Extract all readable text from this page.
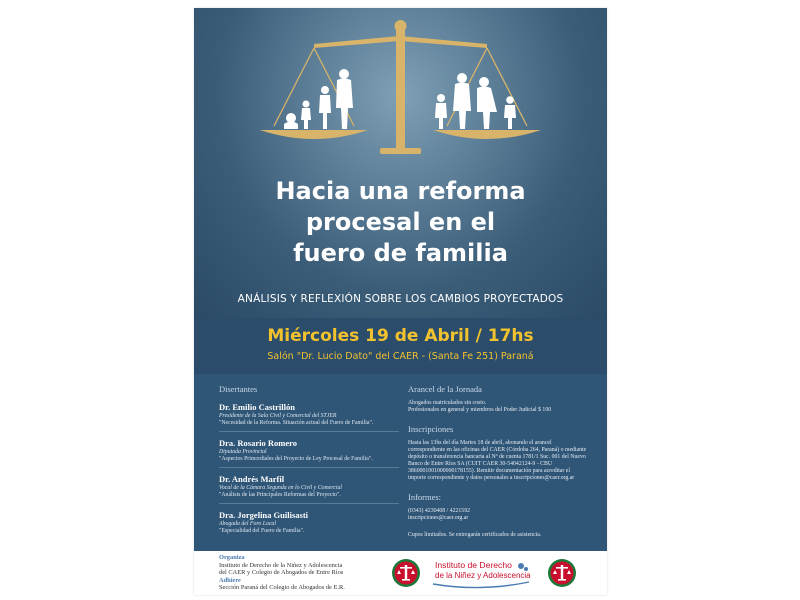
Hacia una reforma
procesal en el
fuero de familia
ANÁLISIS Y REFLEXIÓN SOBRE LOS CAMBIOS PROYECTADOS
Miércoles 19 de Abril / 17hs
Salón "Dr. Lucio Dato" del CAER - (Santa Fe 251) Paraná
Disertantes
Dr. Emilio Castrillón
Presidente de la Sala Civil y Comercial del STJER
"Necesidad de la Reforma. Situación actual del Fuero de Familia".
Dra. Rosario Romero
Diputada Provincial
"Aspectos Primordiales del Proyecto de Ley Procesal de Familia".
Dr. Andrés Marfil
Vocal de la Cámara Segunda en lo Civil y Comercial
"Análisis de las Principales Reformas del Proyecto".
Dra. Jorgelina Guilisasti
Abogada del Foro Local
"Especialidad del Fuero de Familia".
Arancel de la Jornada
Abogados matriculados sin costo.
Profesionales en general y miembros del Poder Judicial $ 100
Inscripciones
Hasta las 13hs del día Martes 18 de abril, abonando el arancel correspondiente en las oficinas del CAER (Córdoba 264, Paraná) o mediante depósito o transferencia bancaria al Nº de cuenta 1781/1 Suc. 001 del Nuevo Banco de Entre Ríos SA (CUIT CAER 30-54042124-9 - CBU 3860001001000000178155). Remitir documentación para acreditar el importe correspondiente y datos personales a inscripciones@caer.org.ar
Informes:
(0343) 4230408 / 4221592
inscripciones@caer.org.ar
Cupos limitados. Se entregarán certificados de asistencia.
Organiza
Instituto de Derecho de la Niñez y Adolescencia
del CAER y Colegio de Abogados de Entre Ríos
Adhiere
Sección Paraná del Colegio de Abogados de E.R.
Instituto de Derecho
de la Niñez y Adolescencia
